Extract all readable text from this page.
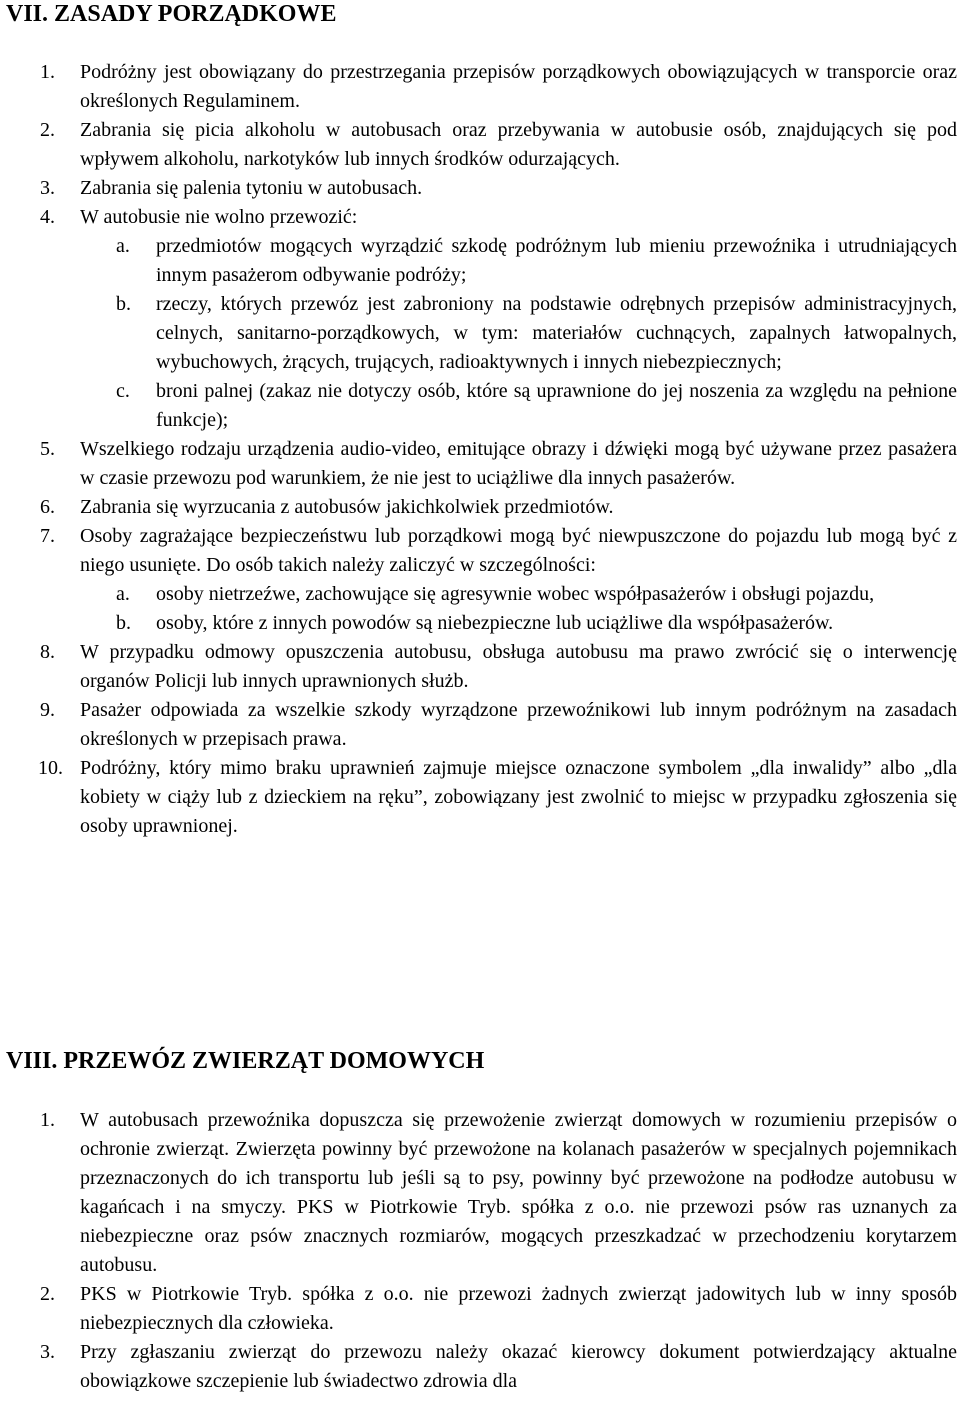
VII. ZASADY PORZĄDKOWE
1. Podróżny jest obowiązany do przestrzegania przepisów porządkowych obowiązujących w transporcie oraz określonych Regulaminem.
2. Zabrania się picia alkoholu w autobusach oraz przebywania w autobusie osób, znajdujących się pod wpływem alkoholu, narkotyków lub innych środków odurzających.
3. Zabrania się palenia tytoniu w autobusach.
4. W autobusie nie wolno przewozić:
a. przedmiotów mogących wyrządzić szkodę podróżnym lub mieniu przewoźnika i utrudniających innym pasażerom odbywanie podróży;
b. rzeczy, których przewóz jest zabroniony na podstawie odrębnych przepisów administracyjnych, celnych, sanitarno-porządkowych, w tym: materiałów cuchnących, zapalnych łatwopalnych, wybuchowych, żrących, trujących, radioaktywnych i innych niebezpiecznych;
c. broni palnej (zakaz nie dotyczy osób, które są uprawnione do jej noszenia za względu na pełnione funkcje);
5. Wszelkiego rodzaju urządzenia audio-video, emitujące obrazy i dźwięki mogą być używane przez pasażera w czasie przewozu pod warunkiem, że nie jest to uciążliwe dla innych pasażerów.
6. Zabrania się wyrzucania z autobusów jakichkolwiek przedmiotów.
7. Osoby zagrażające bezpieczeństwu lub porządkowi mogą być niewpuszczone do pojazdu lub mogą być z niego usunięte. Do osób takich należy zaliczyć w szczególności:
a. osoby nietrzeźwe, zachowujące się agresywnie wobec współpasażerów i obsługi pojazdu,
b. osoby, które z innych powodów są niebezpieczne lub uciążliwe dla współpasażerów.
8. W przypadku odmowy opuszczenia autobusu, obsługa autobusu ma prawo zwrócić się o interwencję organów Policji lub innych uprawnionych służb.
9. Pasażer odpowiada za wszelkie szkody wyrządzone przewoźnikowi lub innym podróżnym na zasadach określonych w przepisach prawa.
10. Podróżny, który mimo braku uprawnień zajmuje miejsce oznaczone symbolem „dla inwalidy” albo „dla kobiety w ciąży lub z dzieckiem na ręku”, zobowiązany jest zwolnić to miejsc w przypadku zgłoszenia się osoby uprawnionej.
VIII. PRZEWÓZ ZWIERZĄT DOMOWYCH
1. W autobusach przewoźnika dopuszcza się przewożenie zwierząt domowych w rozumieniu przepisów o ochronie zwierząt. Zwierzęta powinny być przewożone na kolanach pasażerów w specjalnych pojemnikach przeznaczonych do ich transportu lub jeśli są to psy, powinny być przewożone na podłodze autobusu w kagańcach i na smyczy. PKS w Piotrkowie Tryb. spółka z o.o. nie przewozi psów ras uznanych za niebezpieczne oraz psów znacznych rozmiarów, mogących przeszkadzać w przechodzeniu korytarzem autobusu.
2. PKS w Piotrkowie Tryb. spółka z o.o. nie przewozi żadnych zwierząt jadowitych lub w inny sposób niebezpiecznych dla człowieka.
3. Przy zgłaszaniu zwierząt do przewozu należy okazać kierowcy dokument potwierdzający aktualne obowiązkowe szczepienie lub świadectwo zdrowia dla
